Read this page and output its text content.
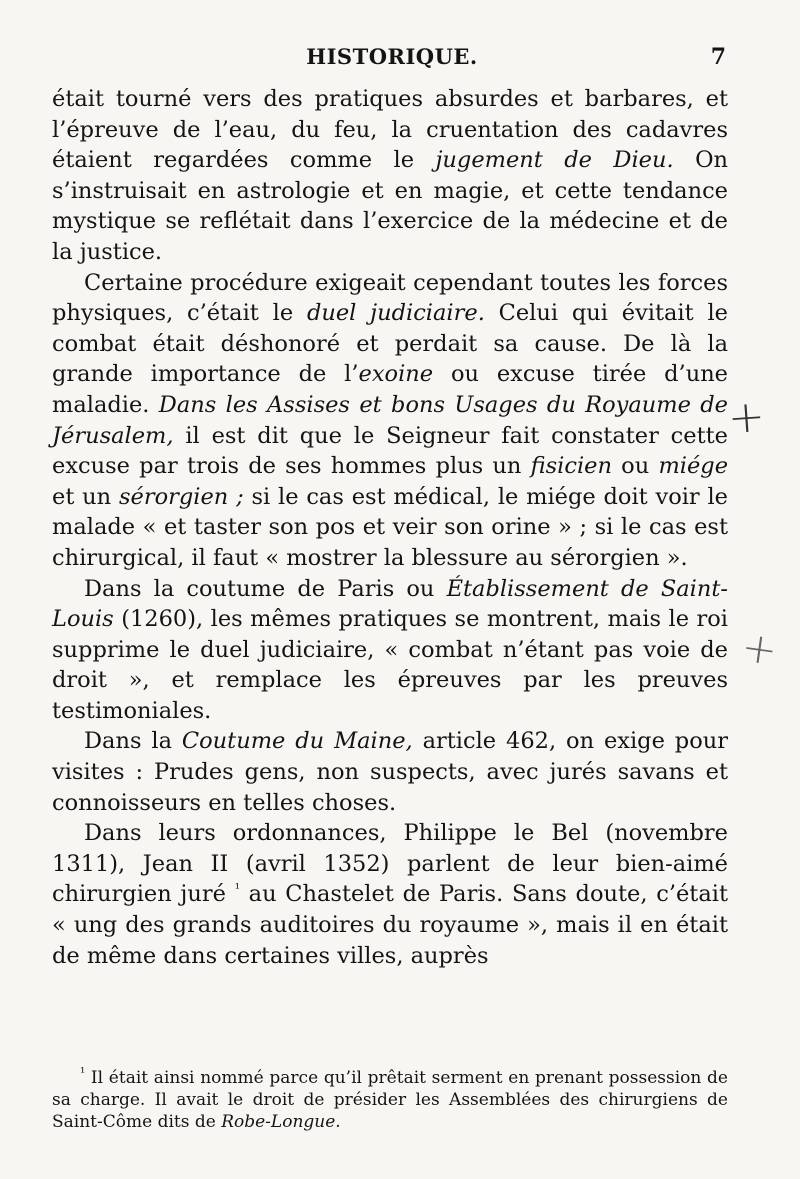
HISTORIQUE.	7

était tourné vers des pratiques absurdes et barbares, et l’épreuve de l’eau, du feu, la cruentation des cadavres étaient regardées comme le jugement de Dieu. On s’instruisait en astrologie et en magie, et cette tendance mystique se reflétait dans l’exercice de la médecine et de la justice.

Certaine procédure exigeait cependant toutes les forces physiques, c’était le duel judiciaire. Celui qui évitait le combat était déshonoré et perdait sa cause. De là la grande importance de l’exoine ou excuse tirée d’une maladie. Dans les Assises et bons Usages du Royaume de Jérusalem, il est dit que le Seigneur fait constater cette excuse par trois de ses hommes plus un fisicien ou miége et un sérorgien ; si le cas est médical, le miége doit voir le malade « et taster son pos et veir son orine » ; si le cas est chirurgical, il faut « mostrer la blessure au sérorgien ».

Dans la coutume de Paris ou Établissement de Saint-Louis (1260), les mêmes pratiques se montrent, mais le roi supprime le duel judiciaire, « combat n’étant pas voie de droit », et remplace les épreuves par les preuves testimoniales.

Dans la Coutume du Maine, article 462, on exige pour visites : Prudes gens, non suspects, avec jurés savans et connoisseurs en telles choses.

Dans leurs ordonnances, Philippe le Bel (novembre 1311), Jean II (avril 1352) parlent de leur bien-aimé chirurgien juré $^{^1}$ au Chastelet de Paris. Sans doute, c’était « ung des grands auditoires du royaume », mais il en était de même dans certaines villes, auprès

$^{^1}$ Il était ainsi nommé parce qu’il prêtait serment en prenant possession de sa charge. Il avait le droit de présider les Assemblées des chirurgiens de Saint-Côme dits de Robe-Longue.

+
+
